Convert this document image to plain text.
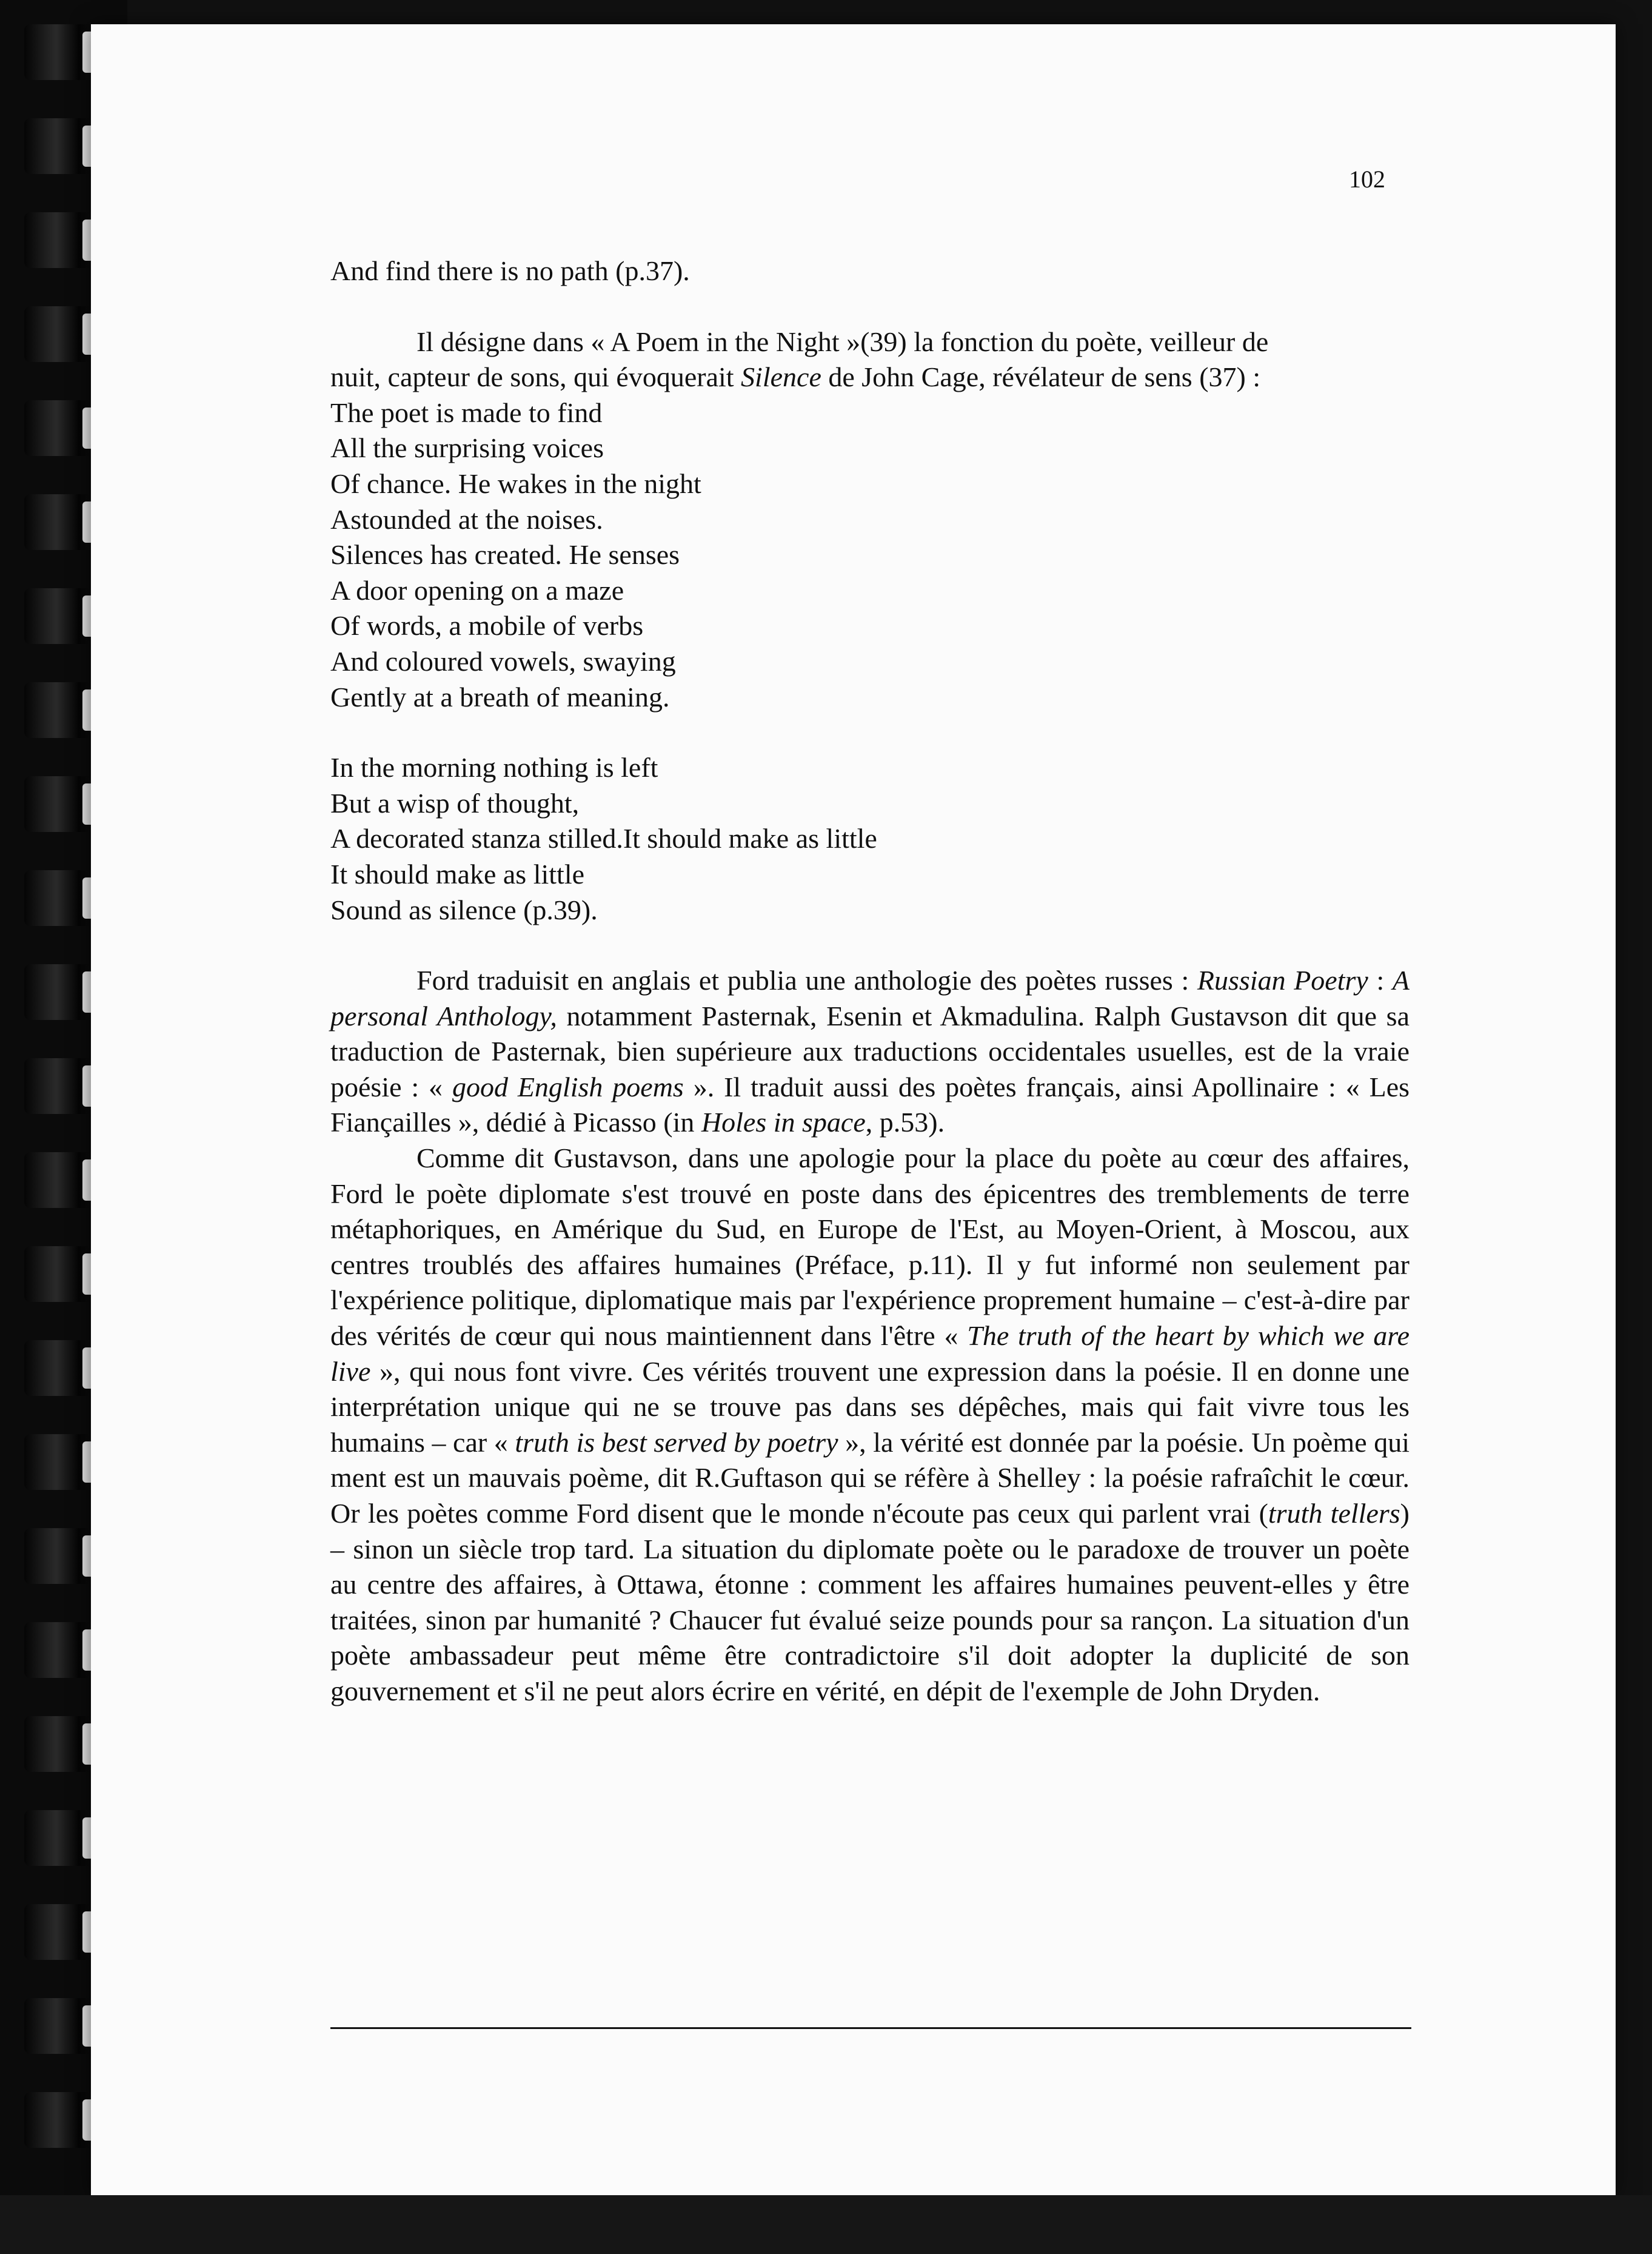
102
And find there is no path (p.37).
Il désigne dans « A Poem in the Night »(39) la fonction du poète, veilleur de
nuit, capteur de sons, qui évoquerait Silence de John Cage, révélateur de sens (37) :
The poet is made to find
All the surprising voices
Of chance. He wakes in the night
Astounded at the noises.
Silences has created. He senses
A door opening on a maze
Of words, a mobile of verbs
And coloured vowels, swaying
Gently at a breath of meaning.
In the morning nothing is left
But a wisp of thought,
A decorated stanza stilled.It should make as little
It should make as little
Sound as silence (p.39).

Ford traduisit en anglais et publia une anthologie des poètes russes : Russian Poetry : A personal Anthology, notamment Pasternak, Esenin et Akmadulina. Ralph Gustavson dit que sa traduction de Pasternak, bien supérieure aux traductions occidentales usuelles, est de la vraie poésie : « good English poems ». Il traduit aussi des poètes français, ainsi Apollinaire : « Les Fiançailles », dédié à Picasso (in Holes in space, p.53).

Comme dit Gustavson, dans une apologie pour la place du poète au cœur des affaires, Ford le poète diplomate s'est trouvé en poste dans des épicentres des tremblements de terre métaphoriques, en Amérique du Sud, en Europe de l'Est, au Moyen-Orient, à Moscou, aux centres troublés des affaires humaines (Préface, p.11). Il y fut informé non seulement par l'expérience politique, diplomatique mais par l'expérience proprement humaine – c'est-à-dire par des vérités de cœur qui nous maintiennent dans l'être « The truth of the heart by which we are live », qui nous font vivre. Ces vérités trouvent une expression dans la poésie. Il en donne une interprétation unique qui ne se trouve pas dans ses dépêches, mais qui fait vivre tous les humains – car « truth is best served by poetry », la vérité est donnée par la poésie. Un poème qui ment est un mauvais poème, dit R.Guftason qui se réfère à Shelley : la poésie rafraîchit le cœur. Or les poètes comme Ford disent que le monde n'écoute pas ceux qui parlent vrai (truth tellers) – sinon un siècle trop tard. La situation du diplomate poète ou le paradoxe de trouver un poète au centre des affaires, à Ottawa, étonne : comment les affaires humaines peuvent-elles y être traitées, sinon par humanité ? Chaucer fut évalué seize pounds pour sa rançon. La situation d'un poète ambassadeur peut même être contradictoire s'il doit adopter la duplicité de son gouvernement et s'il ne peut alors écrire en vérité, en dépit de l'exemple de John Dryden.
